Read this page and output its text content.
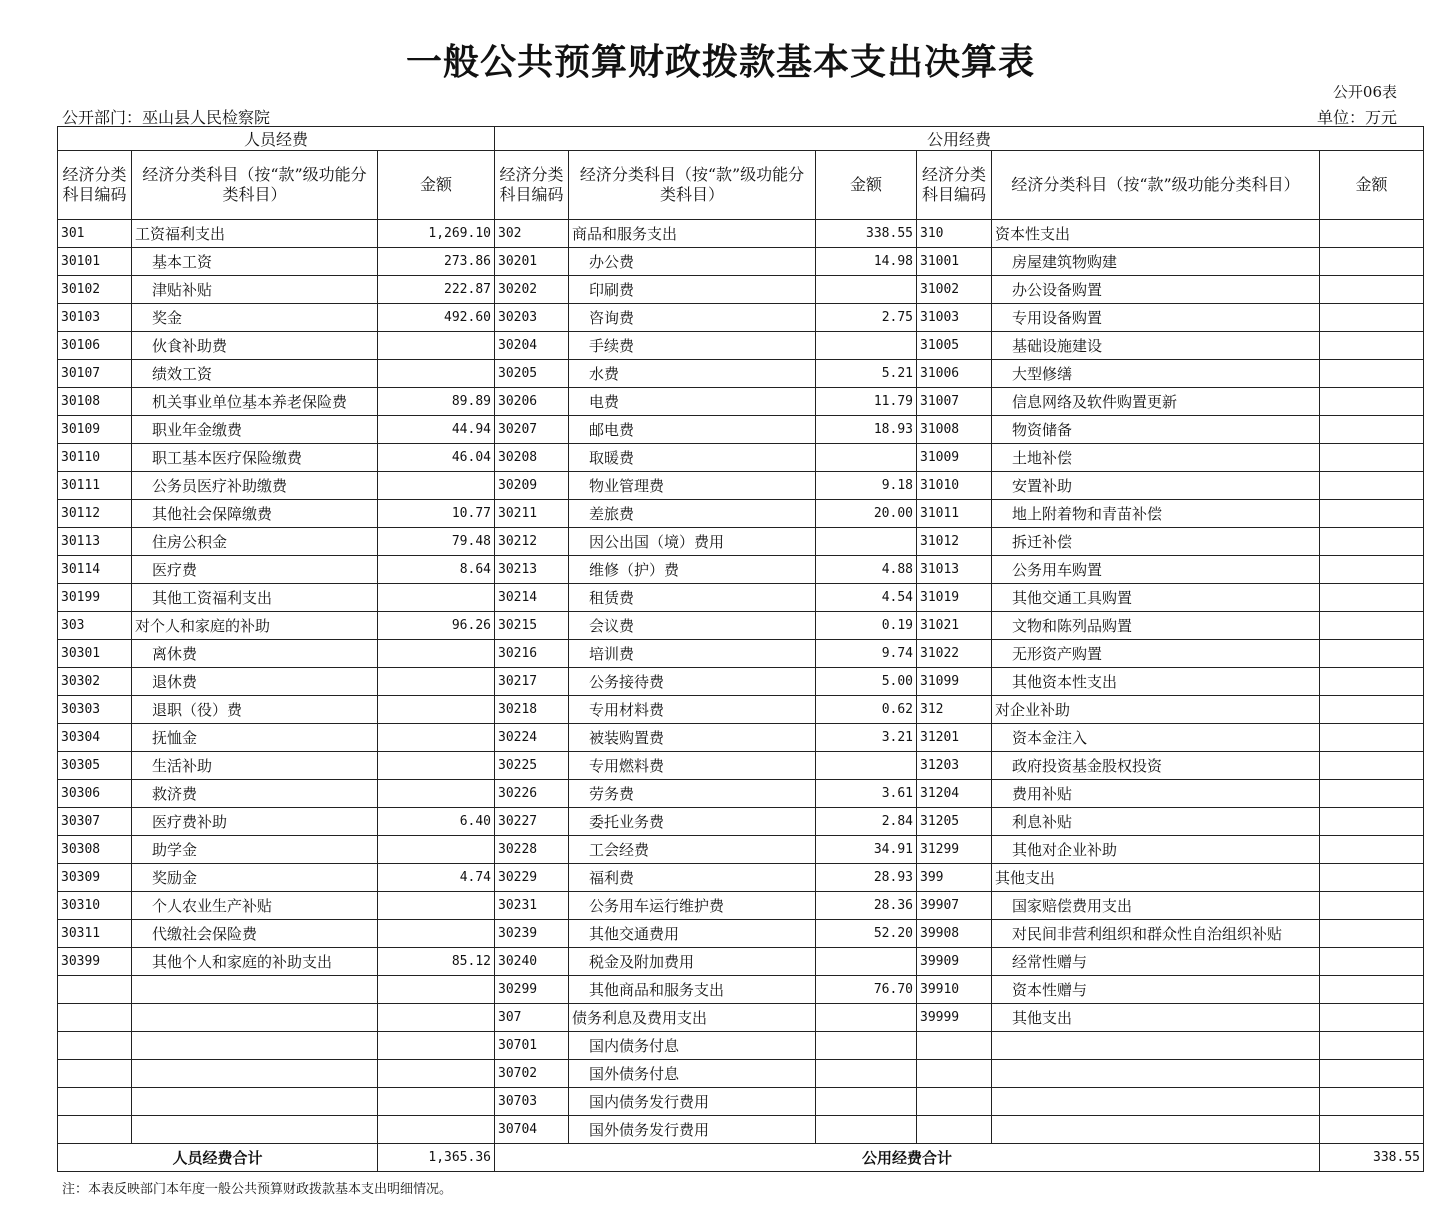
一般公共预算财政拨款基本支出决算表
公开06表
公开部门：巫山县人民检察院	单位：万元
人员经费			公用经费					
经济分类科目编码	经济分类科目（按“款”级功能分类科目）	金额	经济分类科目编码	经济分类科目（按“款”级功能分类科目）	金额	经济分类科目编码	经济分类科目（按“款”级功能分类科目）	金额
301	工资福利支出	1,269.10	302	商品和服务支出	338.55	310	资本性支出	
30101	基本工资	273.86	30201	办公费	14.98	31001	房屋建筑物购建	
30102	津贴补贴	222.87	30202	印刷费		31002	办公设备购置	
30103	奖金	492.60	30203	咨询费	2.75	31003	专用设备购置	
30106	伙食补助费		30204	手续费		31005	基础设施建设	
30107	绩效工资		30205	水费	5.21	31006	大型修缮	
30108	机关事业单位基本养老保险费	89.89	30206	电费	11.79	31007	信息网络及软件购置更新	
30109	职业年金缴费	44.94	30207	邮电费	18.93	31008	物资储备	
30110	职工基本医疗保险缴费	46.04	30208	取暖费		31009	土地补偿	
30111	公务员医疗补助缴费		30209	物业管理费	9.18	31010	安置补助	
30112	其他社会保障缴费	10.77	30211	差旅费	20.00	31011	地上附着物和青苗补偿	
30113	住房公积金	79.48	30212	因公出国（境）费用		31012	拆迁补偿	
30114	医疗费	8.64	30213	维修（护）费	4.88	31013	公务用车购置	
30199	其他工资福利支出		30214	租赁费	4.54	31019	其他交通工具购置	
303	对个人和家庭的补助	96.26	30215	会议费	0.19	31021	文物和陈列品购置	
30301	离休费		30216	培训费	9.74	31022	无形资产购置	
30302	退休费		30217	公务接待费	5.00	31099	其他资本性支出	
30303	退职（役）费		30218	专用材料费	0.62	312	对企业补助	
30304	抚恤金		30224	被装购置费	3.21	31201	资本金注入	
30305	生活补助		30225	专用燃料费		31203	政府投资基金股权投资	
30306	救济费		30226	劳务费	3.61	31204	费用补贴	
30307	医疗费补助	6.40	30227	委托业务费	2.84	31205	利息补贴	
30308	助学金		30228	工会经费	34.91	31299	其他对企业补助	
30309	奖励金	4.74	30229	福利费	28.93	399	其他支出	
30310	个人农业生产补贴		30231	公务用车运行维护费	28.36	39907	国家赔偿费用支出	
30311	代缴社会保险费		30239	其他交通费用	52.20	39908	对民间非营利组织和群众性自治组织补贴	
30399	其他个人和家庭的补助支出	85.12	30240	税金及附加费用		39909	经常性赠与	
			30299	其他商品和服务支出	76.70	39910	资本性赠与	
			307	债务利息及费用支出		39999	其他支出	
			30701	国内债务付息				
			30702	国外债务付息				
			30703	国内债务发行费用				
			30704	国外债务发行费用				
人员经费合计		1,365.36	公用经费合计					338.55
注：本表反映部门本年度一般公共预算财政拨款基本支出明细情况。
